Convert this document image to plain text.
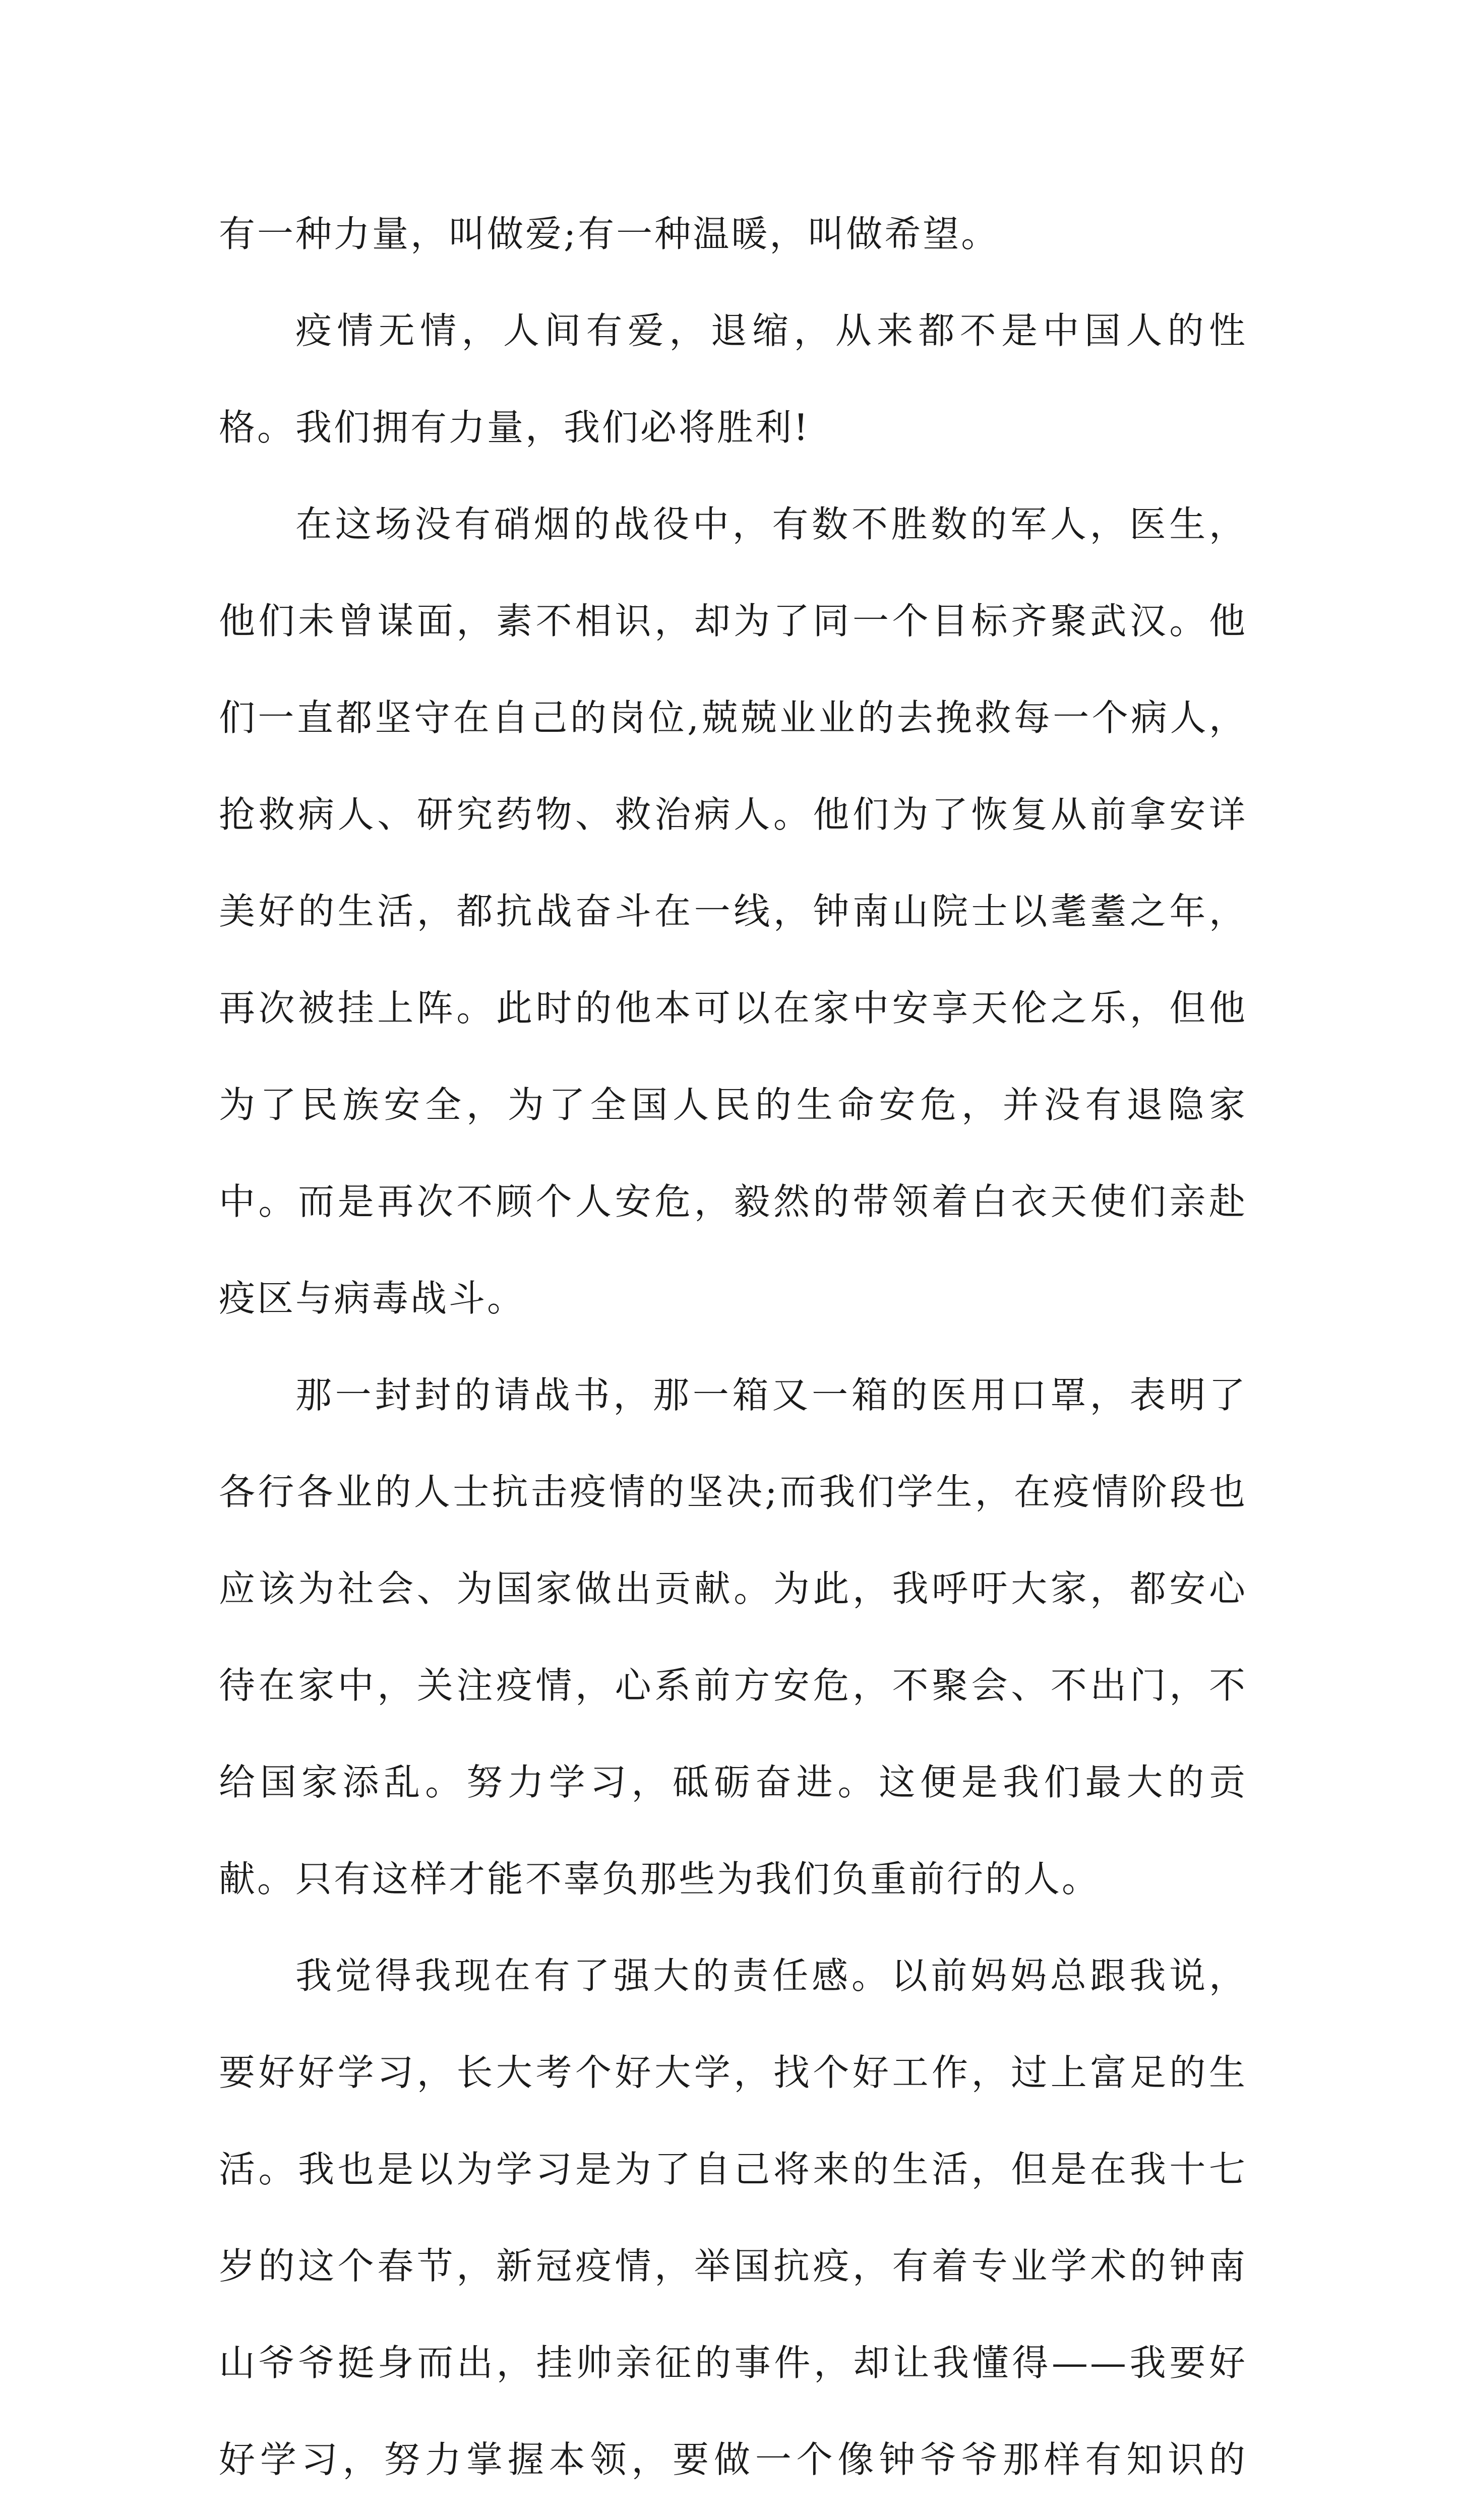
有一种力量，叫做爱;有一种温暖，叫做希望。

疫情无情，人间有爱，退缩，从来都不是中国人的性格。我们拥有力量，我们必将胜利!

在这场没有硝烟的战役中，有数不胜数的军人，医生，他们未曾谋面，素不相识，却为了同一个目标齐聚武汉。他们一直都坚守在自己的岗位,兢兢业业的去挽救每一个病人，抢救病人、研究药物、救治病人。他们为了恢复从前拿安详美好的生活，都抗战奋斗在一线，钟南山院士以耄耋之年，再次被挂上阵。此时的他本可以在家中安享天伦之乐，但他为了民族安全，为了全国人民的生命安危，并没有退隐家中。而是再次不顾个人安危，毅然的带领着白衣天使们亲赴疫区与病毒战斗。

那一封封的请战书，那一箱又一箱的医用口罩，表明了各行各业的人士抗击疫情的坚决;而我们学生，在疫情阶段也应该为社会、为国家做出贡献。为此，我呼吁大家，都安心待在家中，关注疫情，心系前方安危，不聚会、不出门，不给国家添乱。努力学习，砥砺奋进。这便是我们最大的贡献。只有这样才能不辜负那些为我们负重前行的人。

我觉得我现在有了强大的责任感。以前妈妈总跟我说，要好好学习，长大考个好大学，找个好工作，过上富足的生活。我也是以为学习是为了自己将来的生活，但是在我十七岁的这个春节，新冠疫情，举国抗疫，有着专业学术的钟南山爷爷挺身而出，挂帅亲征的事件，却让我懂得——我要好好学习，努力掌握本领，要做一个像钟爷爷那样有知识的
